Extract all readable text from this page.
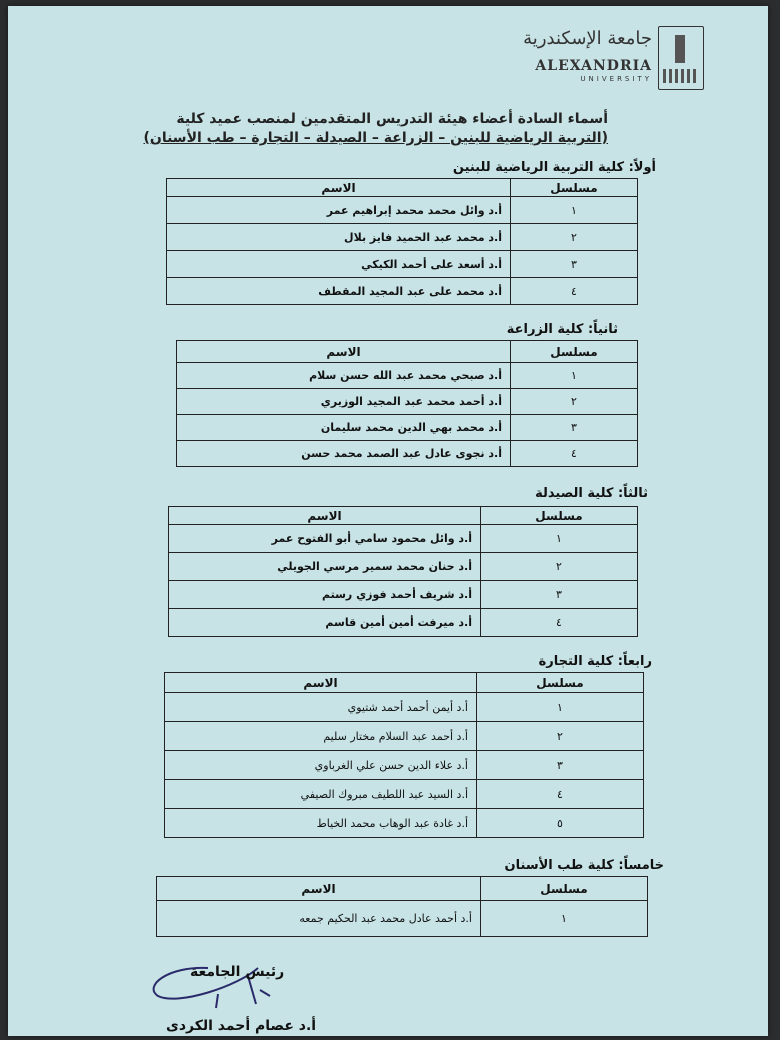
جامعة الإسكندرية
ALEXANDRIA
UNIVERSITY
أسماء السادة أعضاء هيئة التدريس المتقدمين لمنصب عميد كلية
(التربية الرياضية للبنين – الزراعة – الصيدلة – التجارة – طب الأسنان)
أولاً: كلية التربية الرياضية للبنين
مسلسل	الاسم
١	أ.د وائل محمد محمد إبراهيم عمر
٢	أ.د محمد عبد الحميد فايز بلال
٣	أ.د أسعد على أحمد الكيكي
٤	أ.د محمد على عبد المجيد المقطف
ثانياً: كلية الزراعة
مسلسل	الاسم
١	أ.د صبحي محمد عبد الله حسن سلام
٢	أ.د أحمد محمد عبد المجيد الوزيري
٣	أ.د محمد بهي الدين محمد سليمان
٤	أ.د نجوى عادل عبد الصمد محمد حسن
ثالثاً: كلية الصيدلة
مسلسل	الاسم
١	أ.د وائل محمود سامي أبو الفتوح عمر
٢	أ.د حنان محمد سمير مرسي الجويلي
٣	أ.د شريف أحمد فوزي رستم
٤	أ.د ميرفت أمين أمين قاسم
رابعاً: كلية التجارة
مسلسل	الاسم
١	أ.د أيمن أحمد أحمد شتيوي
٢	أ.د أحمد عبد السلام مختار سليم
٣	أ.د علاء الدين حسن علي الغرباوي
٤	أ.د السيد عبد اللطيف مبروك الصيفي
٥	أ.د غادة عبد الوهاب محمد الخياط
خامساً: كلية طب الأسنان
مسلسل	الاسم
١	أ.د أحمد عادل محمد عبد الحكيم جمعه
رئيس الجامعة
أ.د عصام أحمد الكردى
